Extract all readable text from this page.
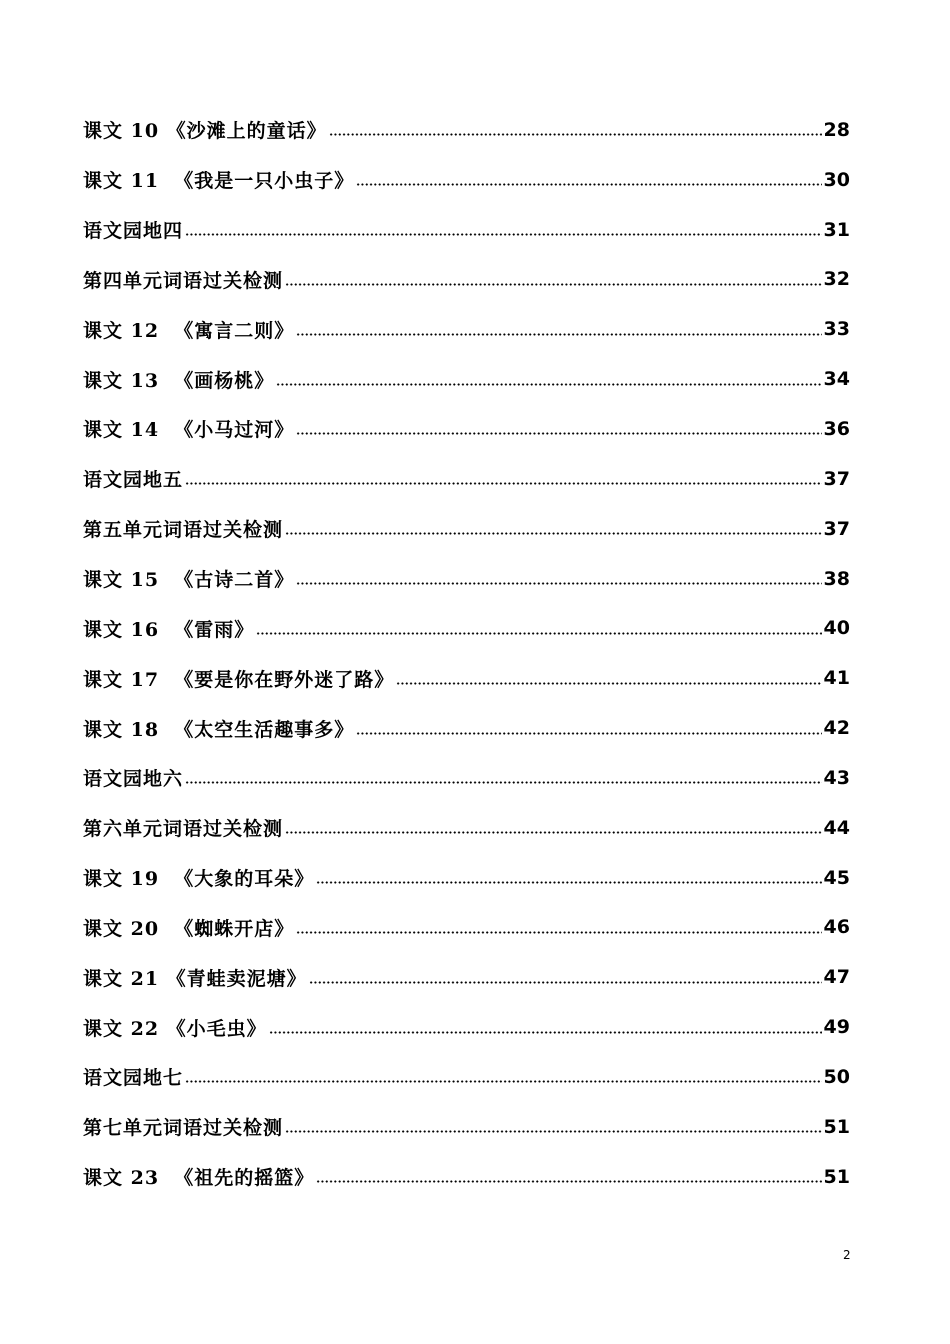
课文 10 《沙滩上的童话》	28
课文 11  《我是一只小虫子》	30
语文园地四	31
第四单元词语过关检测	32
课文 12  《寓言二则》	33
课文 13  《画杨桃》	34
课文 14  《小马过河》	36
语文园地五	37
第五单元词语过关检测	37
课文 15  《古诗二首》	38
课文 16  《雷雨》	40
课文 17  《要是你在野外迷了路》	41
课文 18  《太空生活趣事多》	42
语文园地六	43
第六单元词语过关检测	44
课文 19  《大象的耳朵》	45
课文 20  《蜘蛛开店》	46
课文 21 《青蛙卖泥塘》	47
课文 22 《小毛虫》	49
语文园地七	50
第七单元词语过关检测	51
课文 23  《祖先的摇篮》	51
2
